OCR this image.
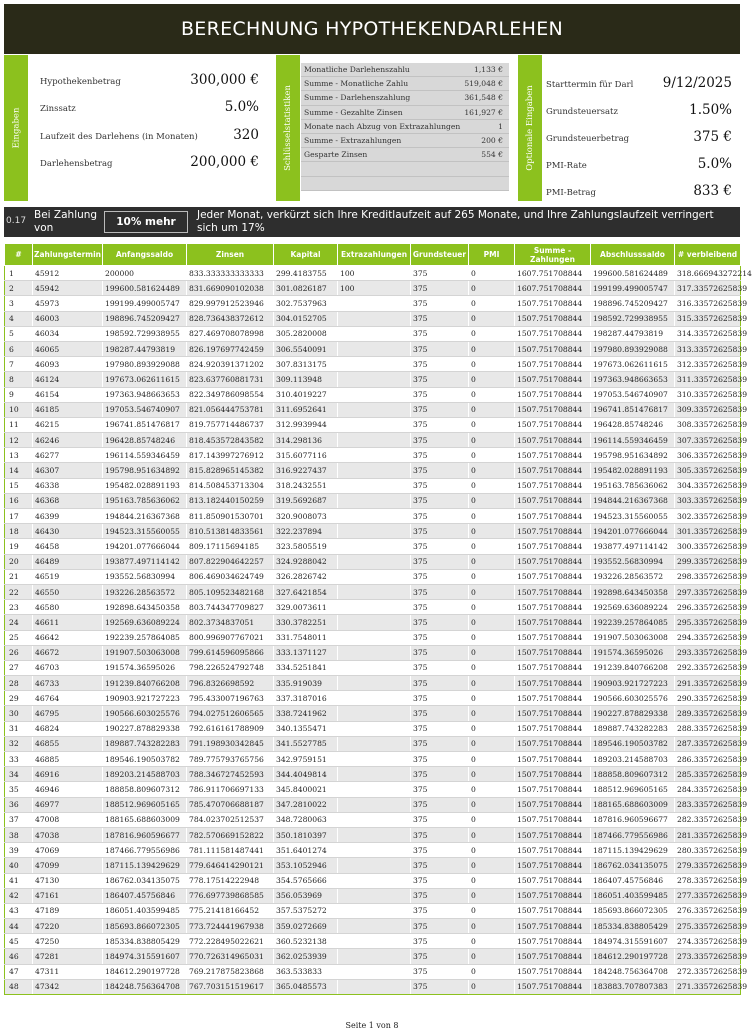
BERECHNUNG HYPOTHEKENDARLEHEN
Eingaben
Hypothekenbetrag	300,000 €
Zinssatz	5.0%
Laufzeit des Darlehens (in Monaten)	320
Darlehensbetrag	200,000 €	Schlüsselstatistiken
Monatliche Darlehenszahlu	1,133 €
Summe - Monatliche Zahlu	519,048 €
Summe - Darlehenszahlung	361,548 €
Summe - Gezahlte Zinsen	161,927 €
Monate nach Abzug von Extrazahlungen	1
Summe - Extrazahlungen	200 €
Gesparte Zinsen	554 €	Optionale Eingaben
Starttermin für Darl 9/12/2025
Grundsteuersatz	1.50%
Grundsteuerbetrag	375 €
PMI-Rate	5.0%
PMI-Betrag	833 €
0.17 Bei Zahlung von	10% mehr
Jeder Monat, verkürzt sich Ihre Kreditlaufzeit auf 265 Monate, und Ihre Zahlungslaufzeit verringert sich um 17%
#	Zahlungstermin	Anfangssaldo	Zinsen	Kapital	Extrazahlungen	Grundsteuer	PMI	Summe - Zahlungen	Abschlusssaldo	# verbleibend
1	45912	200000	833.333333333333	299.4183755	100	375	0	1607.751708844	199600.581624489	318.666943272214
2	45942	199600.581624489	831.669090102038	301.0826187	100	375	0	1607.751708844	199199.499005747	317.33572625839
3	45973	199199.499005747	829.997912523946	302.7537963		375	0	1507.751708844	198896.745209427	316.33572625839
4	46003	198896.745209427	828.736438372612	304.0152705		375	0	1507.751708844	198592.729938955	315.33572625839
5	46034	198592.729938955	827.469708078998	305.2820008		375	0	1507.751708844	198287.44793819	314.33572625839
6	46065	198287.44793819	826.197697742459	306.5540091		375	0	1507.751708844	197980.893929088	313.33572625839
7	46093	197980.893929088	824.920391371202	307.8313175		375	0	1507.751708844	197673.062611615	312.33572625839
8	46124	197673.062611615	823.637760881731	309.113948		375	0	1507.751708844	197363.948663653	311.33572625839
9	46154	197363.948663653	822.349786098554	310.4019227		375	0	1507.751708844	197053.546740907	310.33572625839
10	46185	197053.546740907	821.056444753781	311.6952641		375	0	1507.751708844	196741.851476817	309.33572625839
11	46215	196741.851476817	819.757714486737	312.9939944		375	0	1507.751708844	196428.85748246	308.33572625839
12	46246	196428.85748246	818.453572843582	314.298136		375	0	1507.751708844	196114.559346459	307.33572625839
13	46277	196114.559346459	817.143997276912	315.6077116		375	0	1507.751708844	195798.951634892	306.33572625839
14	46307	195798.951634892	815.828965145382	316.9227437		375	0	1507.751708844	195482.028891193	305.33572625839
15	46338	195482.028891193	814.508453713304	318.2432551		375	0	1507.751708844	195163.785636062	304.33572625839
16	46368	195163.785636062	813.182440150259	319.5692687		375	0	1507.751708844	194844.216367368	303.33572625839
17	46399	194844.216367368	811.850901530701	320.9008073		375	0	1507.751708844	194523.315560055	302.33572625839
18	46430	194523.315560055	810.513814833561	322.237894		375	0	1507.751708844	194201.077666044	301.33572625839
19	46458	194201.077666044	809.17115694185	323.5805519		375	0	1507.751708844	193877.497114142	300.33572625839
20	46489	193877.497114142	807.822904642257	324.9288042		375	0	1507.751708844	193552.56830994	299.33572625839
21	46519	193552.56830994	806.469034624749	326.2826742		375	0	1507.751708844	193226.28563572	298.33572625839
22	46550	193226.28563572	805.109523482168	327.6421854		375	0	1507.751708844	192898.643450358	297.33572625839
23	46580	192898.643450358	803.744347709827	329.0073611		375	0	1507.751708844	192569.636089224	296.33572625839
24	46611	192569.636089224	802.3734837051	330.3782251		375	0	1507.751708844	192239.257864085	295.33572625839
25	46642	192239.257864085	800.996907767021	331.7548011		375	0	1507.751708844	191907.503063008	294.33572625839
26	46672	191907.503063008	799.614596095866	333.1371127		375	0	1507.751708844	191574.36595026	293.33572625839
27	46703	191574.36595026	798.226524792748	334.5251841		375	0	1507.751708844	191239.840766208	292.33572625839
28	46733	191239.840766208	796.8326698592	335.919039		375	0	1507.751708844	190903.921727223	291.33572625839
29	46764	190903.921727223	795.433007196763	337.3187016		375	0	1507.751708844	190566.603025576	290.33572625839
30	46795	190566.603025576	794.027512606565	338.7241962		375	0	1507.751708844	190227.878829338	289.33572625839
31	46824	190227.878829338	792.616161788909	340.1355471		375	0	1507.751708844	189887.743282283	288.33572625839
32	46855	189887.743282283	791.198930342845	341.5527785		375	0	1507.751708844	189546.190503782	287.33572625839
33	46885	189546.190503782	789.775793765756	342.9759151		375	0	1507.751708844	189203.214588703	286.33572625839
34	46916	189203.214588703	788.346727452593	344.4049814		375	0	1507.751708844	188858.809607312	285.33572625839
35	46946	188858.809607312	786.911706697133	345.8400021		375	0	1507.751708844	188512.969605165	284.33572625839
36	46977	188512.969605165	785.470706688187	347.2810022		375	0	1507.751708844	188165.688603009	283.33572625839
37	47008	188165.688603009	784.023702512537	348.7280063		375	0	1507.751708844	187816.960596677	282.33572625839
38	47038	187816.960596677	782.570669152822	350.1810397		375	0	1507.751708844	187466.779556986	281.33572625839
39	47069	187466.779556986	781.111581487441	351.6401274		375	0	1507.751708844	187115.139429629	280.33572625839
40	47099	187115.139429629	779.646414290121	353.1052946		375	0	1507.751708844	186762.034135075	279.33572625839
41	47130	186762.034135075	778.17514222948	354.5765666		375	0	1507.751708844	186407.45756846	278.33572625839
42	47161	186407.45756846	776.697739868585	356.053969		375	0	1507.751708844	186051.403599485	277.33572625839
43	47189	186051.403599485	775.21418166452	357.5375272		375	0	1507.751708844	185693.866072305	276.33572625839
44	47220	185693.866072305	773.724441967938	359.0272669		375	0	1507.751708844	185334.838805429	275.33572625839
45	47250	185334.838805429	772.228495022621	360.5232138		375	0	1507.751708844	184974.315591607	274.33572625839
46	47281	184974.315591607	770.726314965031	362.0253939		375	0	1507.751708844	184612.290197728	273.33572625839
47	47311	184612.290197728	769.217875823868	363.533833		375	0	1507.751708844	184248.756364708	272.33572625839
48	47342	184248.756364708	767.703151519617	365.0485573		375	0	1507.751708844	183883.707807383	271.33572625839
Seite 1 von 8
